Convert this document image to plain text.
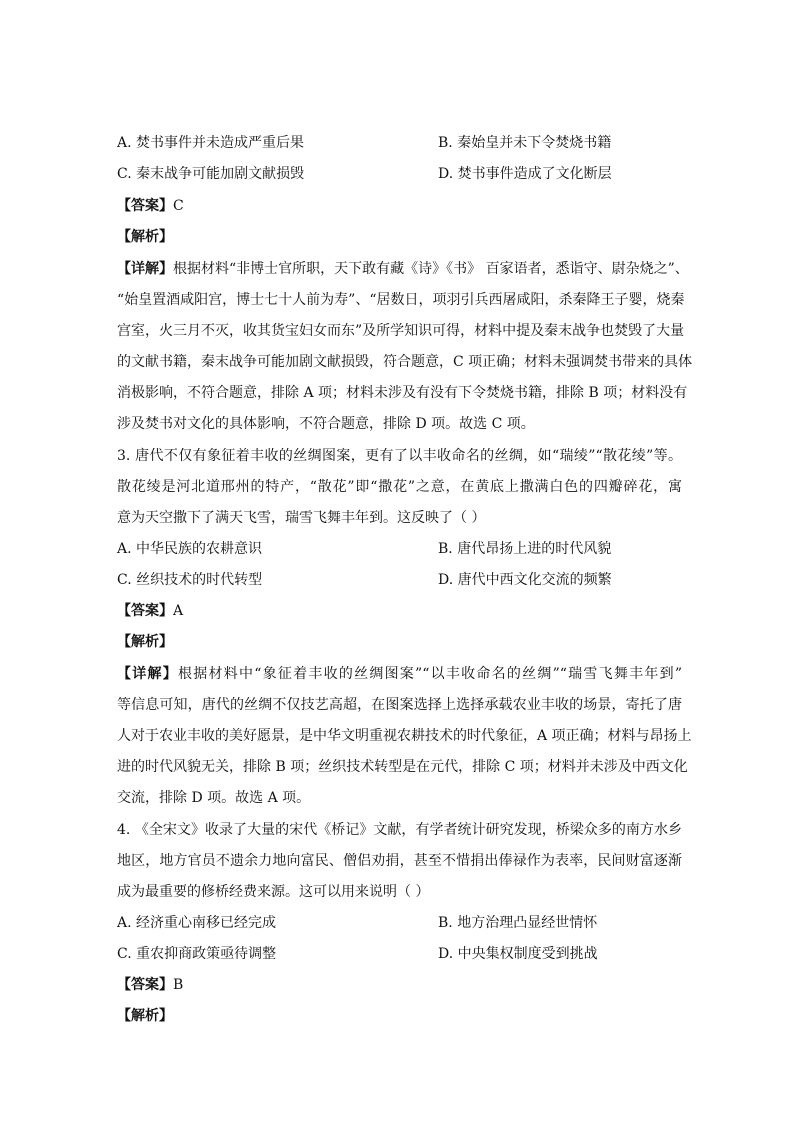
A. 焚书事件并未造成严重后果	B. 秦始皇并未下令焚烧书籍
C. 秦末战争可能加剧文献损毁	D. 焚书事件造成了文化断层
【答案】C
【解析】
【详解】根据材料“非博士官所职，天下敢有藏《诗》《书》 百家语者，悉诣守、尉杂烧之”、
“始皇置酒咸阳宫，博士七十人前为寿”、“居数日，项羽引兵西屠咸阳，杀秦降王子婴，烧秦
宫室，火三月不灭，收其货宝妇女而东”及所学知识可得，材料中提及秦末战争也焚毁了大量
的文献书籍，秦末战争可能加剧文献损毁，符合题意，C 项正确；材料未强调焚书带来的具体
消极影响，不符合题意，排除 A 项；材料未涉及有没有下令焚烧书籍，排除 B 项；材料没有
涉及焚书对文化的具体影响，不符合题意，排除 D 项。故选 C 项。
3. 唐代不仅有象征着丰收的丝绸图案，更有了以丰收命名的丝绸，如“瑞绫”“散花绫”等。
散花绫是河北道邢州的特产，“散花”即“撒花”之意，在黄底上撒满白色的四瓣碎花，寓
意为天空撒下了满天飞雪，瑞雪飞舞丰年到。这反映了（ ）
A. 中华民族的农耕意识	B. 唐代昂扬上进的时代风貌
C. 丝织技术的时代转型	D. 唐代中西文化交流的频繁
【答案】A
【解析】
【详解】根据材料中“象征着丰收的丝绸图案”“以丰收命名的丝绸”“瑞雪飞舞丰年到”
等信息可知，唐代的丝绸不仅技艺高超，在图案选择上选择承载农业丰收的场景，寄托了唐
人对于农业丰收的美好愿景，是中华文明重视农耕技术的时代象征，A 项正确；材料与昂扬上
进的时代风貌无关，排除 B 项；丝织技术转型是在元代，排除 C 项；材料并未涉及中西文化
交流，排除 D 项。故选 A 项。
4. 《全宋文》收录了大量的宋代《桥记》文献，有学者统计研究发现，桥梁众多的南方水乡
地区，地方官员不遗余力地向富民、僧侣劝捐，甚至不惜捐出俸禄作为表率，民间财富逐渐
成为最重要的修桥经费来源。这可以用来说明（ ）
A. 经济重心南移已经完成	B. 地方治理凸显经世情怀
C. 重农抑商政策亟待调整	D. 中央集权制度受到挑战
【答案】B
【解析】
